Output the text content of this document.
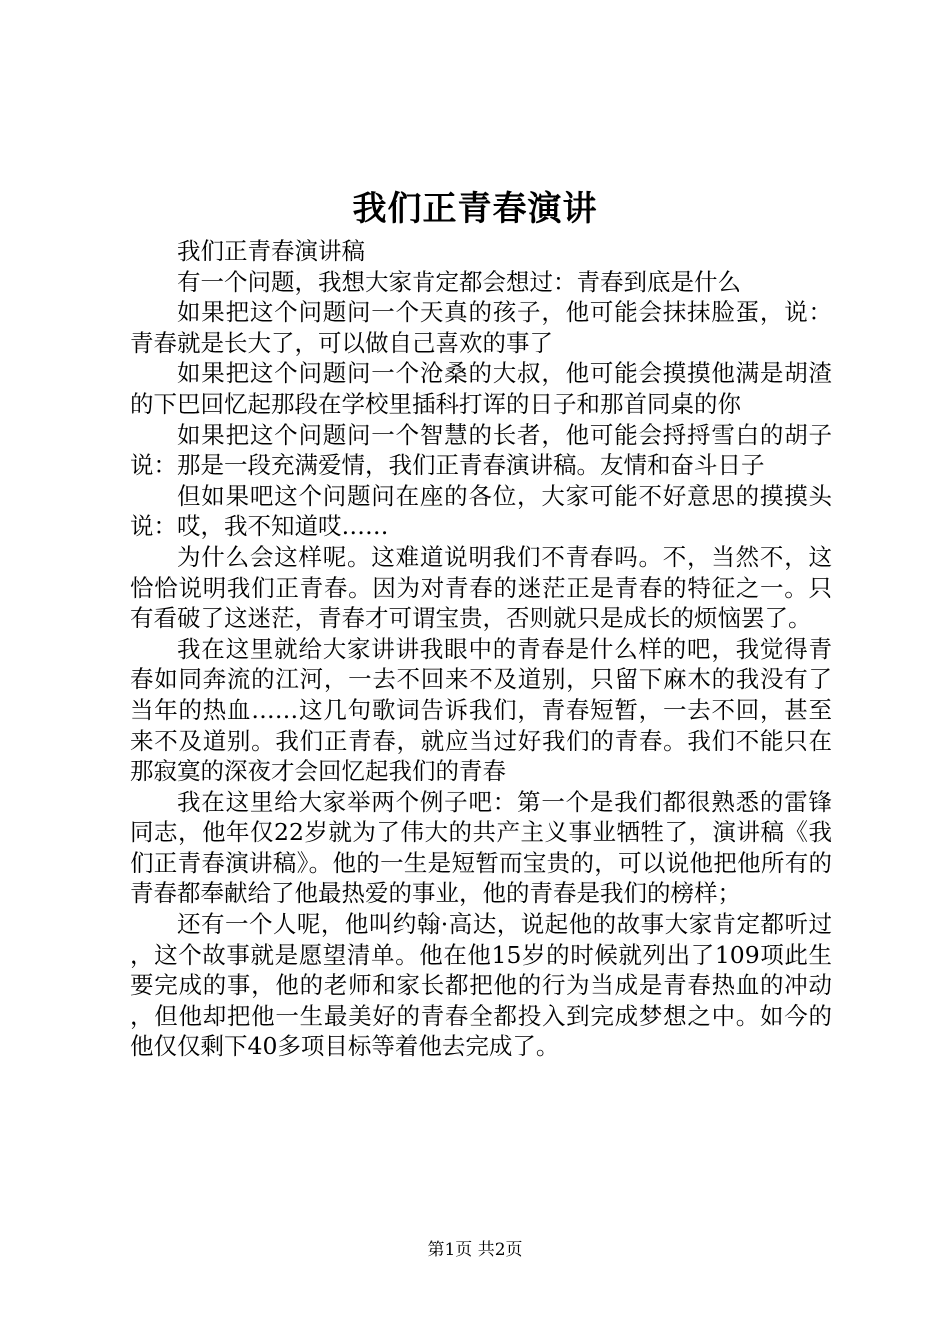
我们正青春演讲

我们正青春演讲稿

有一个问题，我想大家肯定都会想过：青春到底是什么

如果把这个问题问一个天真的孩子，他可能会抹抹脸蛋，说：青春就是长大了，可以做自己喜欢的事了

如果把这个问题问一个沧桑的大叔，他可能会摸摸他满是胡渣的下巴回忆起那段在学校里插科打诨的日子和那首同桌的你

如果把这个问题问一个智慧的长者，他可能会捋捋雪白的胡子说：那是一段充满爱情，我们正青春演讲稿。友情和奋斗日子

但如果吧这个问题问在座的各位，大家可能不好意思的摸摸头说：哎，我不知道哎……

为什么会这样呢。这难道说明我们不青春吗。不，当然不，这恰恰说明我们正青春。因为对青春的迷茫正是青春的特征之一。只有看破了这迷茫，青春才可谓宝贵，否则就只是成长的烦恼罢了。

我在这里就给大家讲讲我眼中的青春是什么样的吧，我觉得青春如同奔流的江河，一去不回来不及道别，只留下麻木的我没有了当年的热血……这几句歌词告诉我们，青春短暂，一去不回，甚至来不及道别。我们正青春，就应当过好我们的青春。我们不能只在那寂寞的深夜才会回忆起我们的青春

我在这里给大家举两个例子吧：第一个是我们都很熟悉的雷锋同志，他年仅22岁就为了伟大的共产主义事业牺牲了，演讲稿《我们正青春演讲稿》。他的一生是短暂而宝贵的，可以说他把他所有的青春都奉献给了他最热爱的事业，他的青春是我们的榜样；

还有一个人呢，他叫约翰·高达，说起他的故事大家肯定都听过，这个故事就是愿望清单。他在他15岁的时候就列出了109项此生要完成的事，他的老师和家长都把他的行为当成是青春热血的冲动，但他却把他一生最美好的青春全都投入到完成梦想之中。如今的他仅仅剩下40多项目标等着他去完成了。

第1页 共2页
